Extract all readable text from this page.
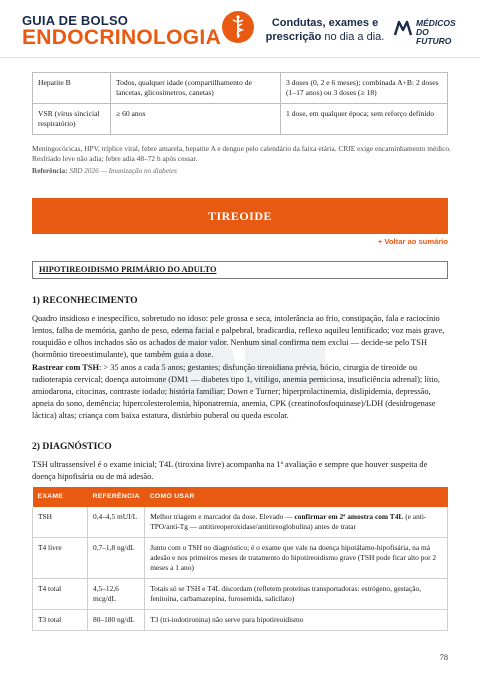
GUIA DE BOLSO
ENDOCRINOLOGIA
Condutas, exames e prescrição no dia a dia.
MÉDICOS
DO FUTURO
Hepatite B	Todos, qualquer idade (compartilhamento de lancetas, glicosímetros, canetas)	3 doses (0, 2 e 6 meses); combinada A+B: 2 doses (1–17 anos) ou 3 doses (≥ 18)
VSR (vírus sincicial respiratório)	≥ 60 anos	1 dose, em qualquer época; sem reforço definido
Meningocócicas, HPV, tríplice viral, febre amarela, hepatite A e dengue pelo calendário da faixa etária. CRIE exige encaminhamento médico. Resfriado leve não adia; febre adia 48–72 h após cessar.
Referência: SBD 2026 — Imunização no diabetes
TIREOIDE
+ Voltar ao sumário
HIPOTIREOIDISMO PRIMÁRIO DO ADULTO
1) RECONHECIMENTO
Quadro insidioso e inespecífico, sobretudo no idoso: pele grossa e seca, intolerância ao frio, constipação, fala e raciocínio lentos, falha de memória, ganho de peso, edema facial e palpebral, bradicardia, reflexo aquileu lentificado; voz mais grave, rouquidão e olhos inchados são os achados de maior valor. Nenhum sinal confirma nem exclui — decide-se pelo TSH (hormônio tireoestimulante), que também guia a dose.
Rastrear com TSH: > 35 anos a cada 5 anos; gestantes; disfunção tireoidiana prévia, bócio, cirurgia de tireoide ou radioterapia cervical; doença autoimune (DM1 — diabetes tipo 1, vitiligo, anemia perniciosa, insuficiência adrenal); lítio, amiodarona, citocinas, contraste iodado; história familiar; Down e Turner; hiperprolactinemia, dislipidemia, depressão, apneia do sono, demência; hipercolesterolemia, hiponatremia, anemia, CPK (creatinofosfoquinase)/LDH (desidrogenase láctica) altas; criança com baixa estatura, distúrbio puberal ou queda escolar.
2) DIAGNÓSTICO
TSH ultrassensível é o exame inicial; T4L (tiroxina livre) acompanha na 1ª avaliação e sempre que houver suspeita de doença hipofisária ou de má adesão.
EXAME	REFERÊNCIA	COMO USAR
TSH	0,4–4,5 mUI/L	Melhor triagem e marcador da dose. Elevado — confirmar em 2ª amostra com T4L (e anti-TPO/anti-Tg — antitireoperoxidase/antitireoglobulina) antes de tratar
T4 livre	0,7–1,8 ng/dL	Junto com o TSH no diagnóstico; é o exame que vale na doença hipotálamo-hipofisária, na má adesão e nos primeiros meses de tratamento do hipotireoidismo grave (TSH pode ficar alto por 2 meses a 1 ano)
T4 total	4,5–12,6 mcg/dL	Totais só se TSH e T4L discordam (refletem proteínas transportadoras: estrógeno, gestação, fenitoína, carbamazepina, furosemida, salicilato)
T3 total	80–180 ng/dL	T3 (tri-iodotironina) não serve para hipotireoidismo
78
